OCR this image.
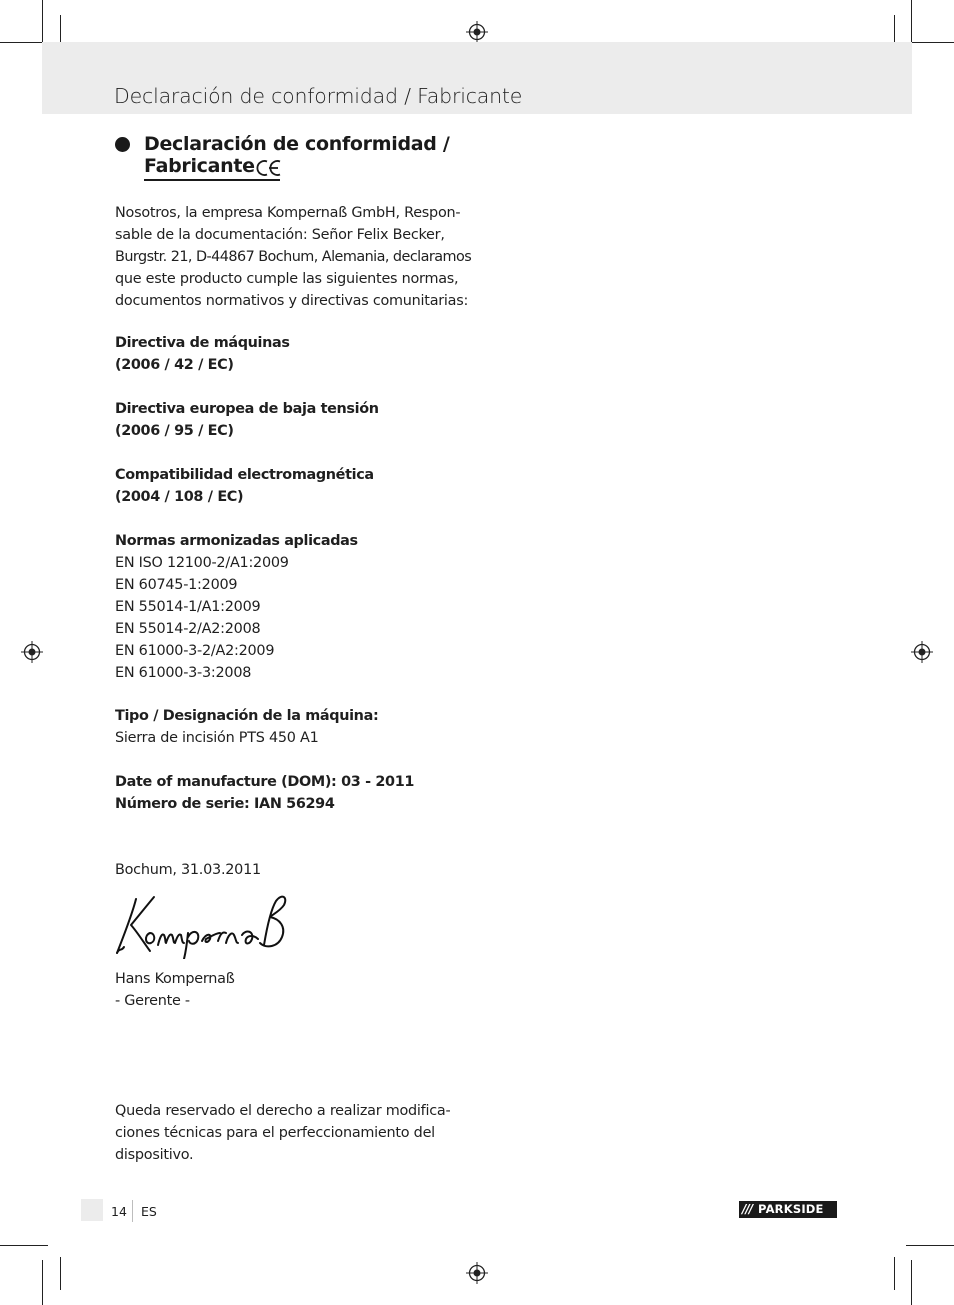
Declaración de conformidad / Fabricante
Declaración de conformidad /
Fabricante
Nosotros, la empresa Kompernaß GmbH, Respon-
sable de la documentación: Señor Felix Becker,
Burgstr. 21, D-44867 Bochum, Alemania, declaramos
que este producto cumple las siguientes normas,
documentos normativos y directivas comunitarias:
Directiva de máquinas
(2006 / 42 / EC)
Directiva europea de baja tensión
(2006 / 95 / EC)
Compatibilidad electromagnética
(2004 / 108 / EC)
Normas armonizadas aplicadas
EN ISO 12100-2/A1:2009
EN 60745-1:2009
EN 55014-1/A1:2009
EN 55014-2/A2:2008
EN 61000-3-2/A2:2009
EN 61000-3-3:2008
Tipo / Designación de la máquina:
Sierra de incisión PTS 450 A1
Date of manufacture (DOM): 03 - 2011
Número de serie: IAN 56294
Bochum, 31.03.2011
Hans Kompernaß
- Gerente -
Queda reservado el derecho a realizar modifica-
ciones técnicas para el perfeccionamiento del
dispositivo.
14 ES	/// PARKSIDE
